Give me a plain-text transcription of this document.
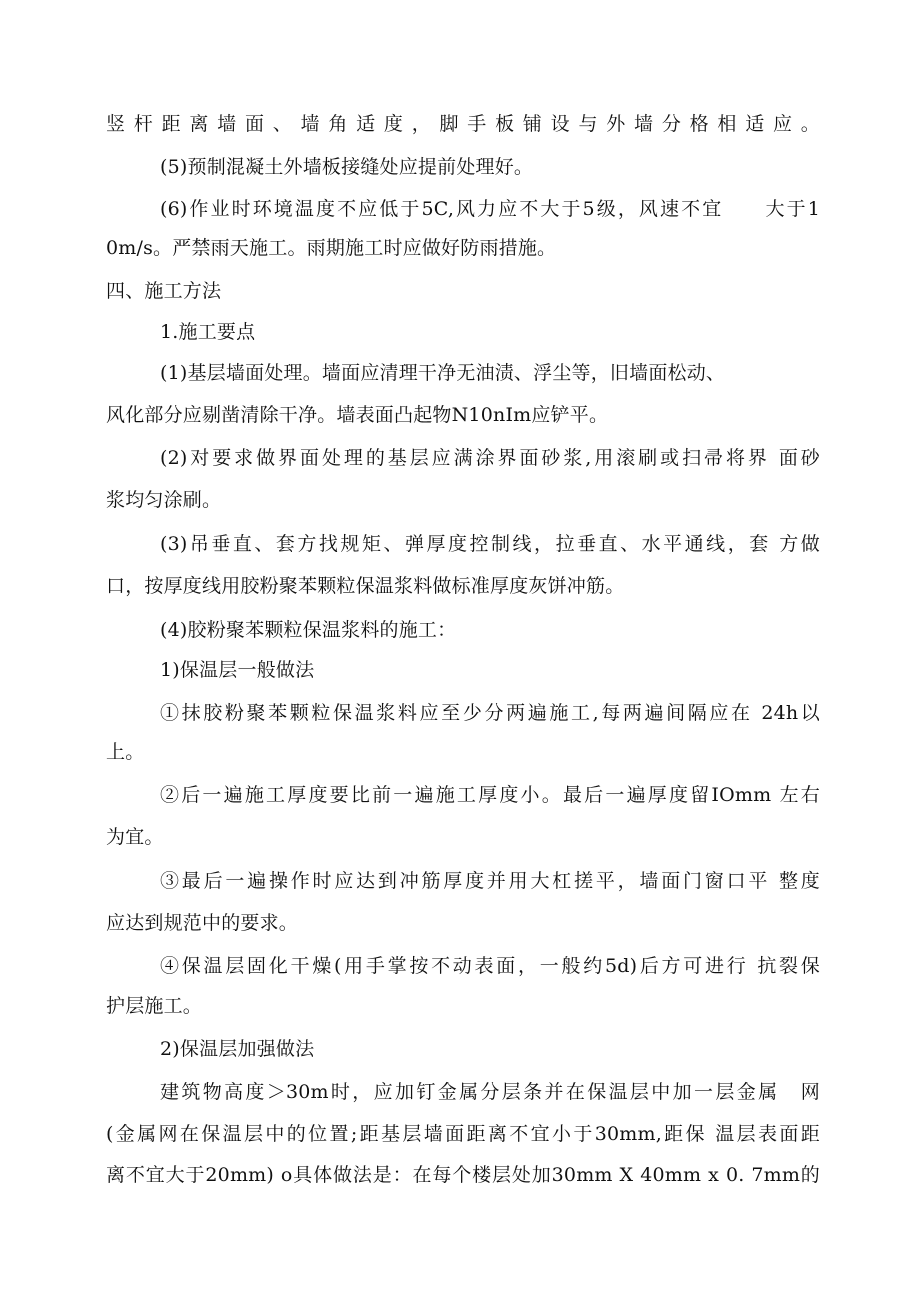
竖杆距离墙面、墙角适度，脚手板铺设与外墙分格相适应。
(5)预制混凝土外墙板接缝处应提前处理好。
(6)作业时环境温度不应低于5C,风力应不大于5级，风速不宜　　大于1
0m/s。严禁雨天施工。雨期施工时应做好防雨措施。
四、施工方法
1.施工要点
(1)基层墙面处理。墙面应清理干净无油渍、浮尘等，旧墙面松动、
风化部分应剔凿清除干净。墙表面凸起物N10nIm应铲平。
(2)对要求做界面处理的基层应满涂界面砂浆,用滚刷或扫帚将界 面砂
浆均匀涂刷。
(3)吊垂直、套方找规矩、弹厚度控制线，拉垂直、水平通线，套 方做
口，按厚度线用胶粉聚苯颗粒保温浆料做标准厚度灰饼冲筋。
(4)胶粉聚苯颗粒保温浆料的施工：
1)保温层一般做法
①抹胶粉聚苯颗粒保温浆料应至少分两遍施工,每两遍间隔应在 24h以
上。
②后一遍施工厚度要比前一遍施工厚度小。最后一遍厚度留IOmm 左右
为宜。
③最后一遍操作时应达到冲筋厚度并用大杠搓平，墙面门窗口平 整度
应达到规范中的要求。
④保温层固化干燥(用手掌按不动表面，一般约5d)后方可进行 抗裂保
护层施工。
2)保温层加强做法
建筑物高度＞30m时，应加钉金属分层条并在保温层中加一层金属　网
(金属网在保温层中的位置;距基层墙面距离不宜小于30mm,距保 温层表面距
离不宜大于20mm) o具体做法是：在每个楼层处加30mm X 40mm x 0. 7mm的
